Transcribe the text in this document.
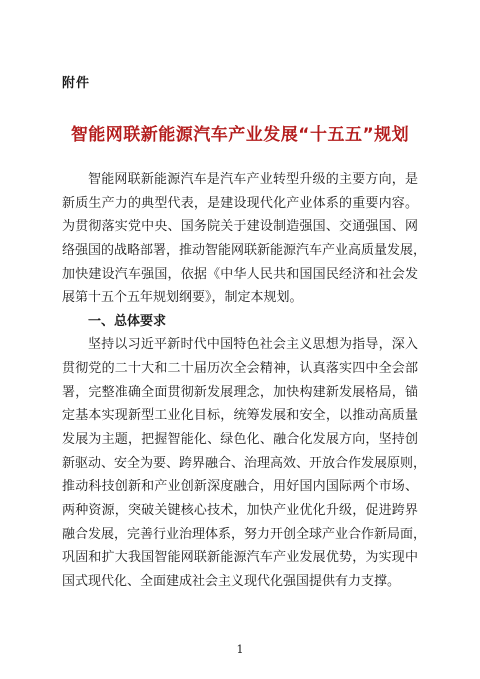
附件
智能网联新能源汽车产业发展“十五五”规划
智能网联新能源汽车是汽车产业转型升级的主要方向，是
新质生产力的典型代表，是建设现代化产业体系的重要内容。
为贯彻落实党中央、国务院关于建设制造强国、交通强国、网
络强国的战略部署，推动智能网联新能源汽车产业高质量发展，
加快建设汽车强国，依据《中华人民共和国国民经济和社会发
展第十五个五年规划纲要》，制定本规划。
一、总体要求
坚持以习近平新时代中国特色社会主义思想为指导，深入
贯彻党的二十大和二十届历次全会精神，认真落实四中全会部
署，完整准确全面贯彻新发展理念，加快构建新发展格局，锚
定基本实现新型工业化目标，统筹发展和安全，以推动高质量
发展为主题，把握智能化、绿色化、融合化发展方向，坚持创
新驱动、安全为要、跨界融合、治理高效、开放合作发展原则，
推动科技创新和产业创新深度融合，用好国内国际两个市场、
两种资源，突破关键核心技术，加快产业优化升级，促进跨界
融合发展，完善行业治理体系，努力开创全球产业合作新局面，
巩固和扩大我国智能网联新能源汽车产业发展优势，为实现中
国式现代化、全面建成社会主义现代化强国提供有力支撑。
1
